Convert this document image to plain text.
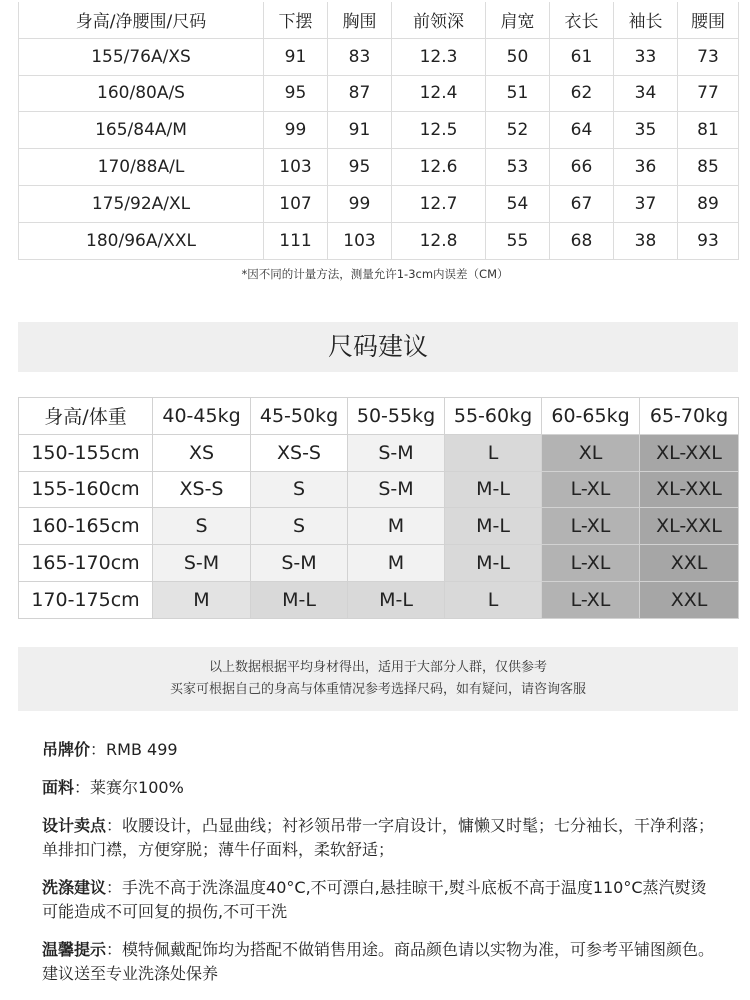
身高/净腰围/尺码	下摆	胸围	前领深	肩宽	衣长	袖长	腰围
155/76A/XS	91	83	12.3	50	61	33	73
160/80A/S	95	87	12.4	51	62	34	77
165/84A/M	99	91	12.5	52	64	35	81
170/88A/L	103	95	12.6	53	66	36	85
175/92A/XL	107	99	12.7	54	67	37	89
180/96A/XXL	111	103	12.8	55	68	38	93
*因不同的计量方法，测量允许1-3cm内误差（CM）
尺码建议
身高/体重	40-45kg	45-50kg	50-55kg	55-60kg	60-65kg	65-70kg
150-155cm	XS	XS-S	S-M	L	XL	XL-XXL
155-160cm	XS-S	S	S-M	M-L	L-XL	XL-XXL
160-165cm	S	S	M	M-L	L-XL	XL-XXL
165-170cm	S-M	S-M	M	M-L	L-XL	XXL
170-175cm	M	M-L	M-L	L	L-XL	XXL
以上数据根据平均身材得出，适用于大部分人群，仅供参考
买家可根据自己的身高与体重情况参考选择尺码，如有疑问，请咨询客服
吊牌价：RMB 499
面料：莱赛尔100%
设计卖点：收腰设计，凸显曲线；衬衫领吊带一字肩设计，慵懒又时髦；七分袖长，干净利落；单排扣门襟，方便穿脱；薄牛仔面料，柔软舒适；
洗涤建议：手洗不高于洗涤温度40°C,不可漂白,悬挂晾干,熨斗底板不高于温度110°C蒸汽熨烫可能造成不可回复的损伤,不可干洗
温馨提示：模特佩戴配饰均为搭配不做销售用途。商品颜色请以实物为准，可参考平铺图颜色。建议送至专业洗涤处保养
